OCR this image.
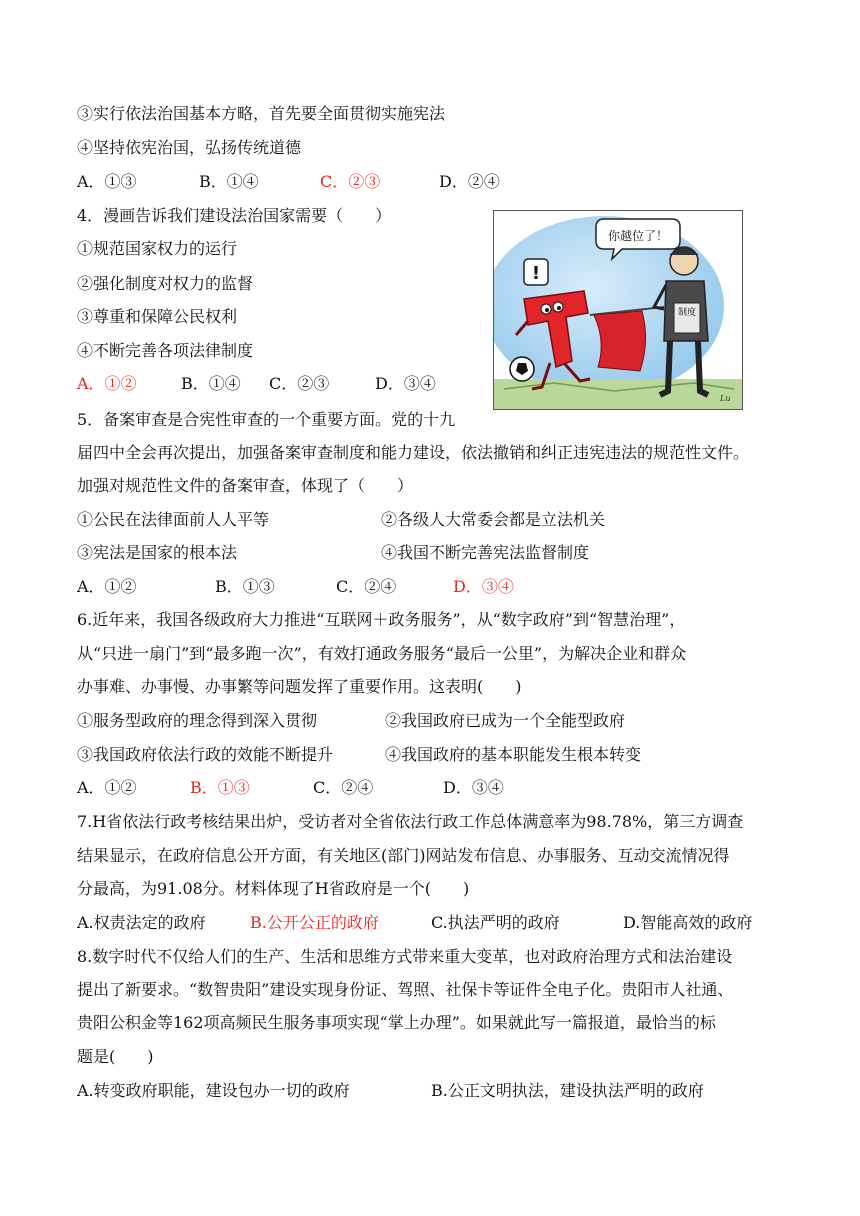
③实行依法治国基本方略，首先要全面贯彻实施宪法
④坚持依宪治国，弘扬传统道德
A．①③	B．①④	C．②③	D．②④
4．漫画告诉我们建设法治国家需要（　　）
①规范国家权力的运行
②强化制度对权力的监督
③尊重和保障公民权利
④不断完善各项法律制度
A．①②	B．①④ C．②③	D．③④
你越位了！
!
制度
Lu
5．备案审查是合宪性审查的一个重要方面。党的十九
届四中全会再次提出，加强备案审查制度和能力建设，依法撤销和纠正违宪违法的规范性文件。
加强对规范性文件的备案审查，体现了（　　）
①公民在法律面前人人平等	②各级人大常委会都是立法机关
③宪法是国家的根本法	④我国不断完善宪法监督制度
A．①②	B．①③	C．②④	D．③④
6.近年来，我国各级政府大力推进“互联网＋政务服务”，从“数字政府”到“智慧治理”，
从“只进一扇门”到“最多跑一次”，有效打通政务服务“最后一公里”，为解决企业和群众
办事难、办事慢、办事繁等问题发挥了重要作用。这表明(　　)
①服务型政府的理念得到深入贯彻	②我国政府已成为一个全能型政府
③我国政府依法行政的效能不断提升	④我国政府的基本职能发生根本转变
A．①②	B．①③	C．②④	D．③④
7.H省依法行政考核结果出炉，受访者对全省依法行政工作总体满意率为98.78%，第三方调查
结果显示，在政府信息公开方面，有关地区(部门)网站发布信息、办事服务、互动交流情况得
分最高，为91.08分。材料体现了H省政府是一个(　　)
A.权责法定的政府	B.公开公正的政府	C.执法严明的政府	D.智能高效的政府
8.数字时代不仅给人们的生产、生活和思维方式带来重大变革，也对政府治理方式和法治建设
提出了新要求。“数智贵阳”建设实现身份证、驾照、社保卡等证件全电子化。贵阳市人社通、
贵阳公积金等162项高频民生服务事项实现“掌上办理”。如果就此写一篇报道，最恰当的标
题是(　　)
A.转变政府职能，建设包办一切的政府	B.公正文明执法，建设执法严明的政府
